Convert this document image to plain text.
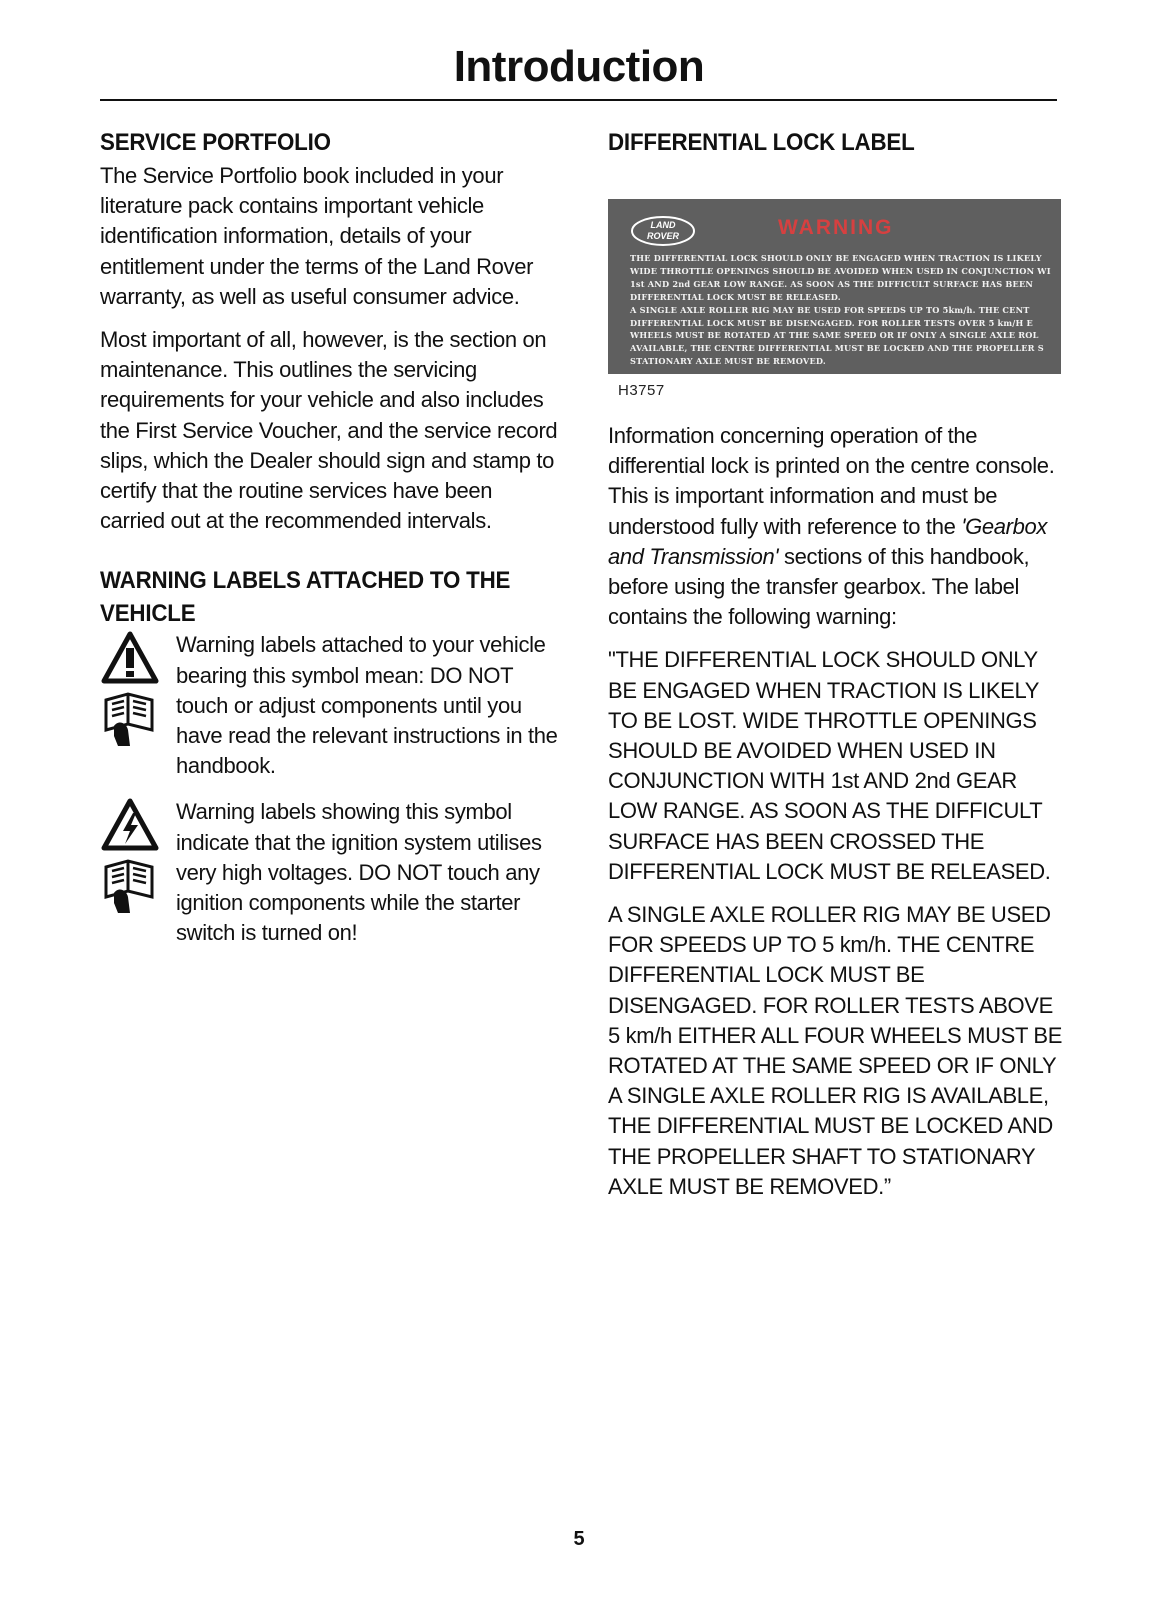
Introduction
SERVICE PORTFOLIO

The Service Portfolio book included in your literature pack contains important vehicle identification information, details of your entitlement under the terms of the Land Rover warranty, as well as useful consumer advice.

Most important of all, however, is the section on maintenance. This outlines the servicing requirements for your vehicle and also includes the First Service Voucher, and the service record slips, which the Dealer should sign and stamp to certify that the routine services have been carried out at the recommended intervals.

WARNING LABELS ATTACHED TO THE
VEHICLE

Warning labels attached to your vehicle bearing this symbol mean: DO NOT touch or adjust components until you have read the relevant instructions in the handbook.

Warning labels showing this symbol indicate that the ignition system utilises very high voltages. DO NOT touch any ignition components while the starter switch is turned on!

DIFFERENTIAL LOCK LABEL
LAND
ROVER	WARNING
THE DIFFERENTIAL LOCK SHOULD ONLY BE ENGAGED WHEN TRACTION IS LIKELY
WIDE THROTTLE OPENINGS SHOULD BE AVOIDED WHEN USED IN CONJUNCTION WI
1st AND 2nd GEAR LOW RANGE. AS SOON AS THE DIFFICULT SURFACE HAS BEEN
DIFFERENTIAL LOCK MUST BE RELEASED.
A SINGLE AXLE ROLLER RIG MAY BE USED FOR SPEEDS UP TO 5km/h. THE CENT
DIFFERENTIAL LOCK MUST BE DISENGAGED. FOR ROLLER TESTS OVER 5 km/H E
WHEELS MUST BE ROTATED AT THE SAME SPEED OR IF ONLY A SINGLE AXLE ROL
AVAILABLE, THE CENTRE DIFFERENTIAL MUST BE LOCKED AND THE PROPELLER S
STATIONARY AXLE MUST BE REMOVED.
H3757

Information concerning operation of the differential lock is printed on the centre console. This is important information and must be understood fully with reference to the 'Gearbox and Transmission' sections of this handbook, before using the transfer gearbox. The label contains the following warning:

"THE DIFFERENTIAL LOCK SHOULD ONLY BE ENGAGED WHEN TRACTION IS LIKELY TO BE LOST. WIDE THROTTLE OPENINGS SHOULD BE AVOIDED WHEN USED IN CONJUNCTION WITH 1st AND 2nd GEAR LOW RANGE. AS SOON AS THE DIFFICULT SURFACE HAS BEEN CROSSED THE DIFFERENTIAL LOCK MUST BE RELEASED.

A SINGLE AXLE ROLLER RIG MAY BE USED FOR SPEEDS UP TO 5 km/h. THE CENTRE DIFFERENTIAL LOCK MUST BE DISENGAGED. FOR ROLLER TESTS ABOVE 5 km/h EITHER ALL FOUR WHEELS MUST BE ROTATED AT THE SAME SPEED OR IF ONLY A SINGLE AXLE ROLLER RIG IS AVAILABLE, THE DIFFERENTIAL MUST BE LOCKED AND THE PROPELLER SHAFT TO STATIONARY AXLE MUST BE REMOVED.”

5
